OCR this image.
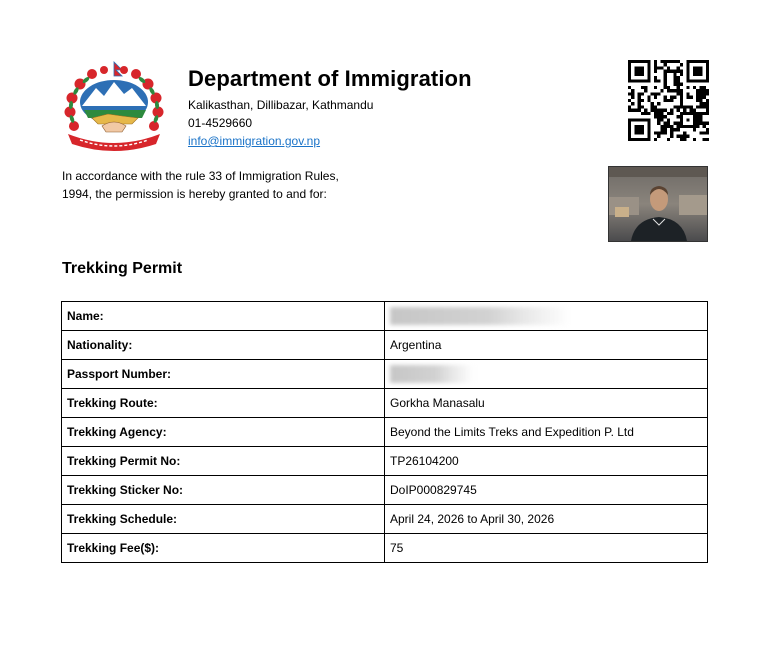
Department of Immigration
Kalikasthan, Dillibazar, Kathmandu
01-4529660
info@immigration.gov.np

In accordance with the rule 33 of Immigration Rules, 1994, the permission is hereby granted to and for:

Trekking Permit
Name:	
Nationality:	Argentina
Passport Number:	
Trekking Route:	Gorkha Manasalu
Trekking Agency:	Beyond the Limits Treks and Expedition P. Ltd
Trekking Permit No:	TP26104200
Trekking Sticker No:	DoIP000829745
Trekking Schedule:	April 24, 2026 to April 30, 2026
Trekking Fee($):	75
